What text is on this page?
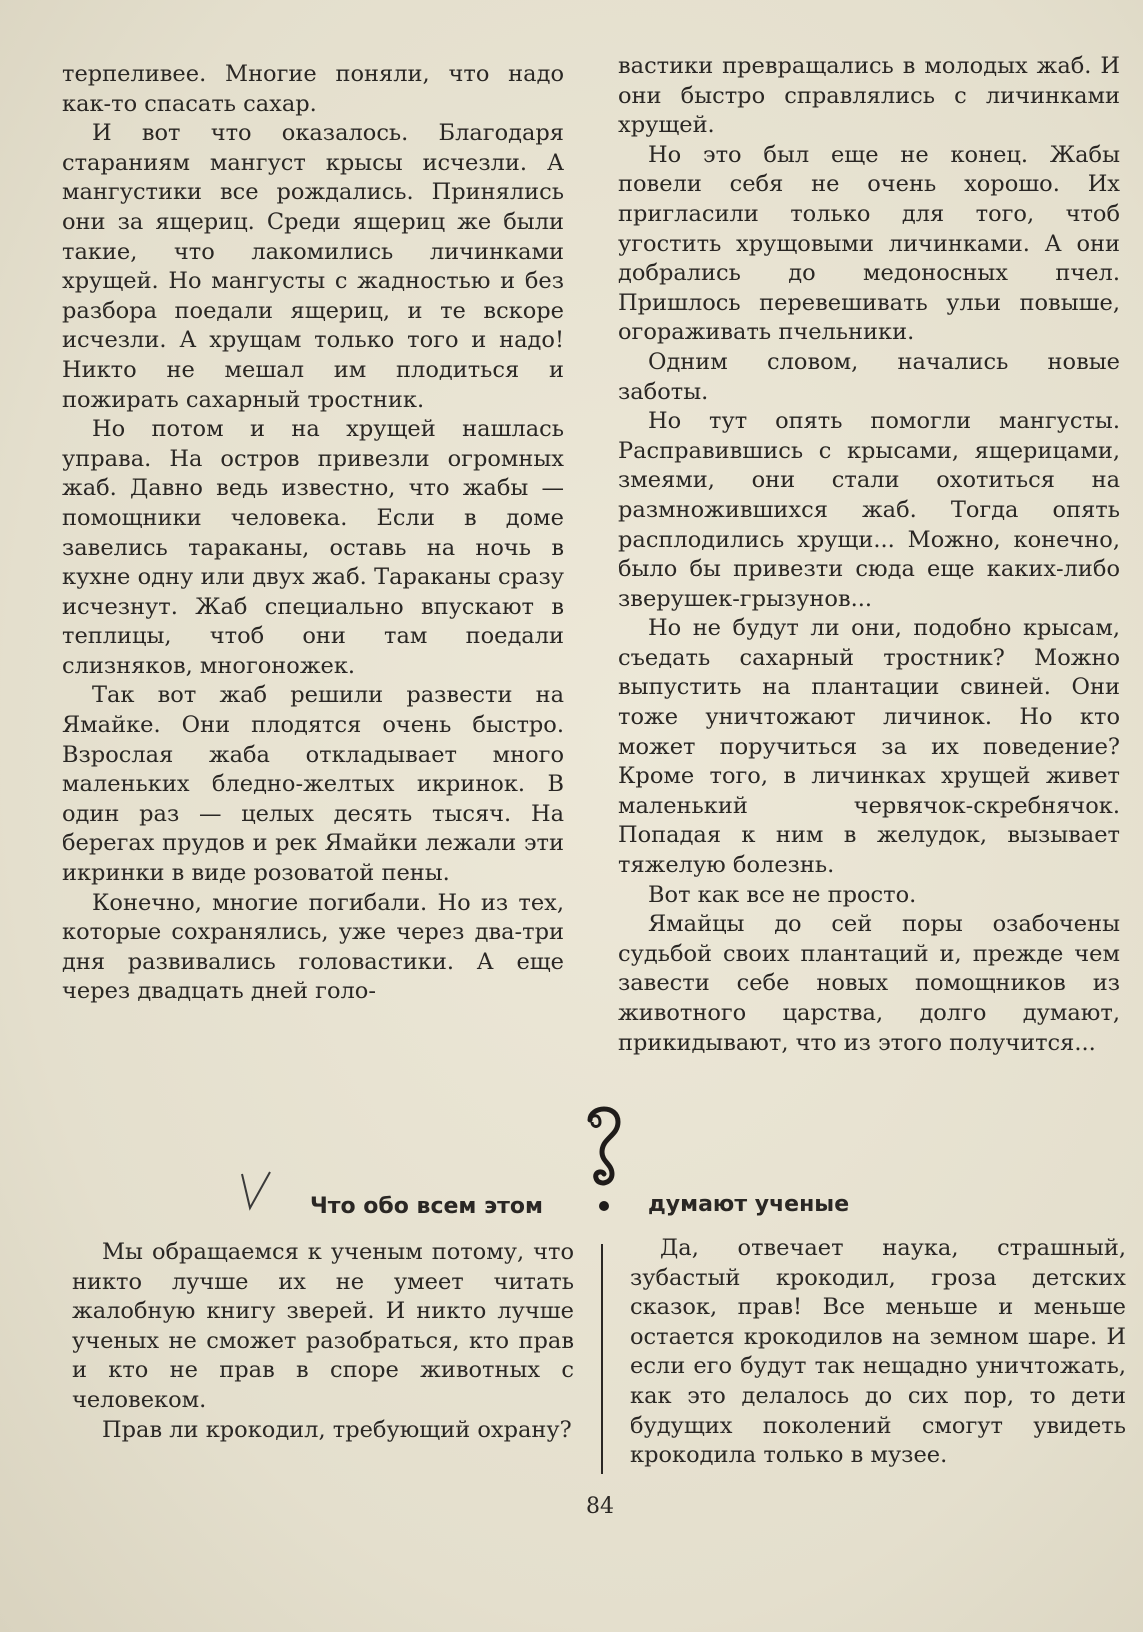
терпеливее. Многие поняли, что надо как-то спасать сахар.

И вот что оказалось. Благодаря стараниям мангуст крысы исчезли. А мангустики все рождались. Принялись они за ящериц. Среди ящериц же были такие, что лакомились личинками хрущей. Но мангусты с жадностью и без разбора поедали ящериц, и те вскоре исчезли. А хрущам только того и надо! Никто не мешал им плодиться и пожирать сахарный тростник.

Но потом и на хрущей нашлась управа. На остров привезли огромных жаб. Давно ведь известно, что жабы — помощники человека. Если в доме завелись тараканы, оставь на ночь в кухне одну или двух жаб. Тараканы сразу исчезнут. Жаб специально впускают в теплицы, чтоб они там поедали слизняков, многоножек.

Так вот жаб решили развести на Ямайке. Они плодятся очень быстро. Взрослая жаба откладывает много маленьких бледно-желтых икринок. В один раз — целых десять тысяч. На берегах прудов и рек Ямайки лежали эти икринки в виде розоватой пены.

Конечно, многие погибали. Но из тех, которые сохранялись, уже через два-три дня развивались головастики. А еще через двадцать дней голо-

вастики превращались в молодых жаб. И они быстро справлялись с личинками хрущей.

Но это был еще не конец. Жабы повели себя не очень хорошо. Их пригласили только для того, чтоб угостить хрущовыми личинками. А они добрались до медоносных пчел. Пришлось перевешивать ульи повыше, огораживать пчельники.

Одним словом, начались новые заботы.

Но тут опять помогли мангусты. Расправившись с крысами, ящерицами, змеями, они стали охотиться на размножившихся жаб. Тогда опять расплодились хрущи... Можно, конечно, было бы привезти сюда еще каких-либо зверушек-грызунов...

Но не будут ли они, подобно крысам, съедать сахарный тростник? Можно выпустить на плантации свиней. Они тоже уничтожают личинок. Но кто может поручиться за их поведение? Кроме того, в личинках хрущей живет маленький червячок-скребнячок. Попадая к ним в желудок, вызывает тяжелую болезнь.

Вот как все не просто.

Ямайцы до сей поры озабочены судьбой своих плантаций и, прежде чем завести себе новых помощников из животного царства, долго думают, прикидывают, что из этого получится...

Что обо всем этом	думают ученые

Мы обращаемся к ученым потому, что никто лучше их не умеет читать жалобную книгу зверей. И никто лучше ученых не сможет разобраться, кто прав и кто не прав в споре животных с человеком.

Прав ли крокодил, требующий охрану?

Да, отвечает наука, страшный, зубастый крокодил, гроза детских сказок, прав! Все меньше и меньше остается крокодилов на земном шаре. И если его будут так нещадно уничтожать, как это делалось до сих пор, то дети будущих поколений смогут увидеть крокодила только в музее.

84
